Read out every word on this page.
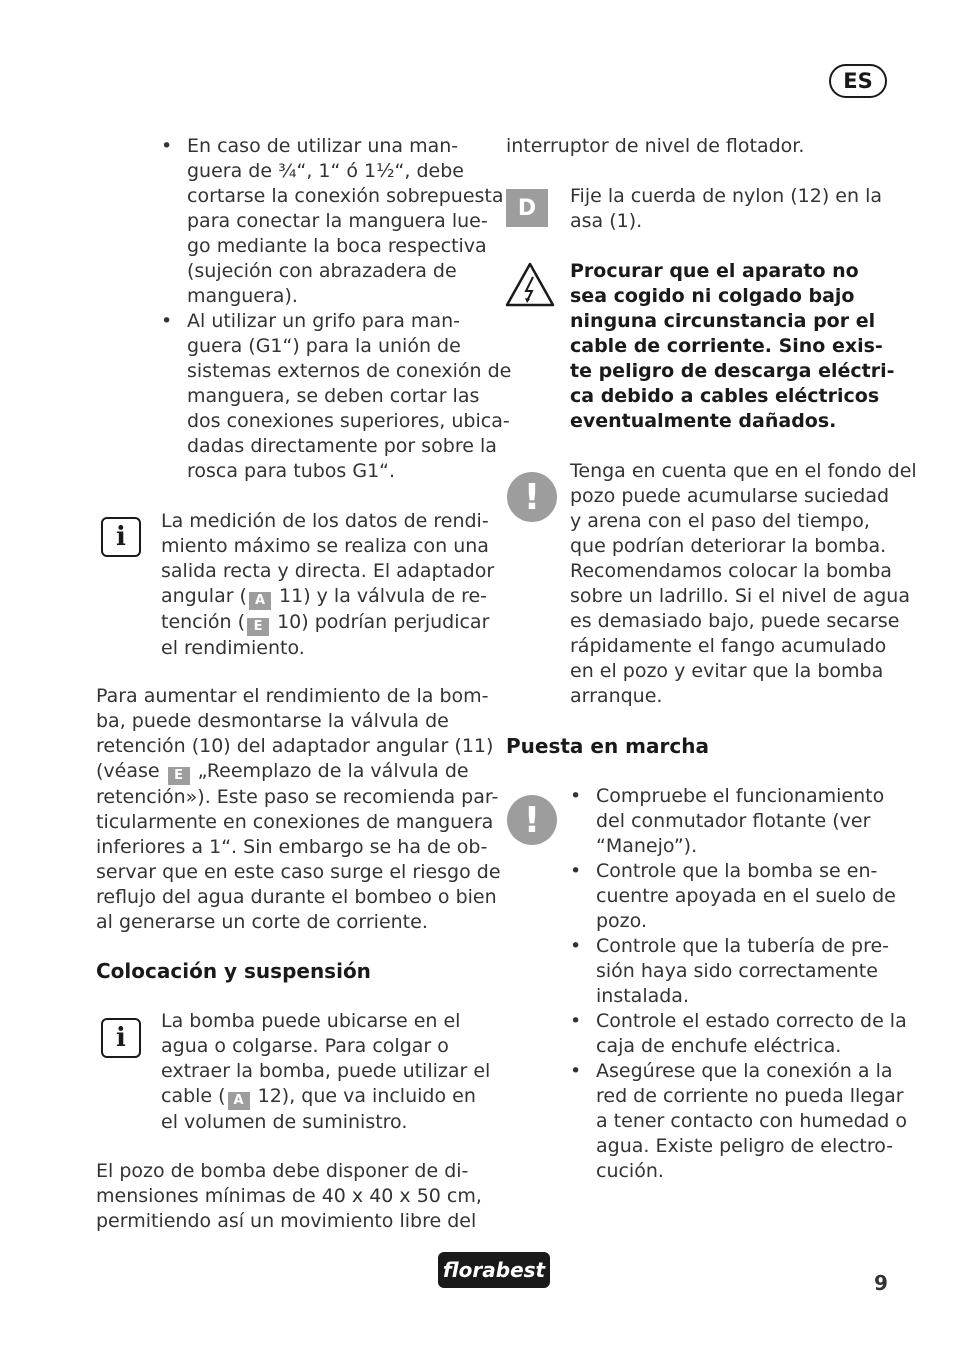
ES
• En caso de utilizar una man-
guera de ¾“, 1“ ó 1½“, debe
cortarse la conexión sobrepuesta
para conectar la manguera lue-
go mediante la boca respectiva
(sujeción con abrazadera de
manguera).
• Al utilizar un grifo para man-
guera (G1“) para la unión de
sistemas externos de conexión de
manguera, se deben cortar las
dos conexiones superiores, ubica-
dadas directamente por sobre la
rosca para tubos G1“.
i
La medición de los datos de rendi-
miento máximo se realiza con una
salida recta y directa. El adaptador
angular ( A 11) y la válvula de re-
tención ( E 10) podrían perjudicar
el rendimiento.
Para aumentar el rendimiento de la bom-
ba, puede desmontarse la válvula de
retención (10) del adaptador angular (11)
(véase E „Reemplazo de la válvula de
retención»). Este paso se recomienda par-
ticularmente en conexiones de manguera
inferiores a 1“. Sin embargo se ha de ob-
servar que en este caso surge el riesgo de
reflujo del agua durante el bombeo o bien
al generarse un corte de corriente.
Colocación y suspensión
i
La bomba puede ubicarse en el
agua o colgarse. Para colgar o
extraer la bomba, puede utilizar el
cable ( A 12), que va incluido en
el volumen de suministro.
El pozo de bomba debe disponer de di-
mensiones mínimas de 40 x 40 x 50 cm,
permitiendo así un movimiento libre del
interruptor de nivel de flotador.
D	Fije la cuerda de nylon (12) en la
asa (1).
Procurar que el aparato no
sea cogido ni colgado bajo
ninguna circunstancia por el
cable de corriente. Sino exis-
te peligro de descarga eléctri-
ca debido a cables eléctricos
eventualmente dañados.
!
Tenga en cuenta que en el fondo del
pozo puede acumularse suciedad
y arena con el paso del tiempo,
que podrían deteriorar la bomba.
Recomendamos colocar la bomba
sobre un ladrillo. Si el nivel de agua
es demasiado bajo, puede secarse
rápidamente el fango acumulado
en el pozo y evitar que la bomba
arranque.
Puesta en marcha
!
• Compruebe el funcionamiento
del conmutador flotante (ver
“Manejo”).
• Controle que la bomba se en-
cuentre apoyada en el suelo de
pozo.
• Controle que la tubería de pre-
sión haya sido correctamente
instalada.
• Controle el estado correcto de la
caja de enchufe eléctrica.
• Asegúrese que la conexión a la
red de corriente no pueda llegar
a tener contacto con humedad o
agua. Existe peligro de electro-
cución.
florabest
9
